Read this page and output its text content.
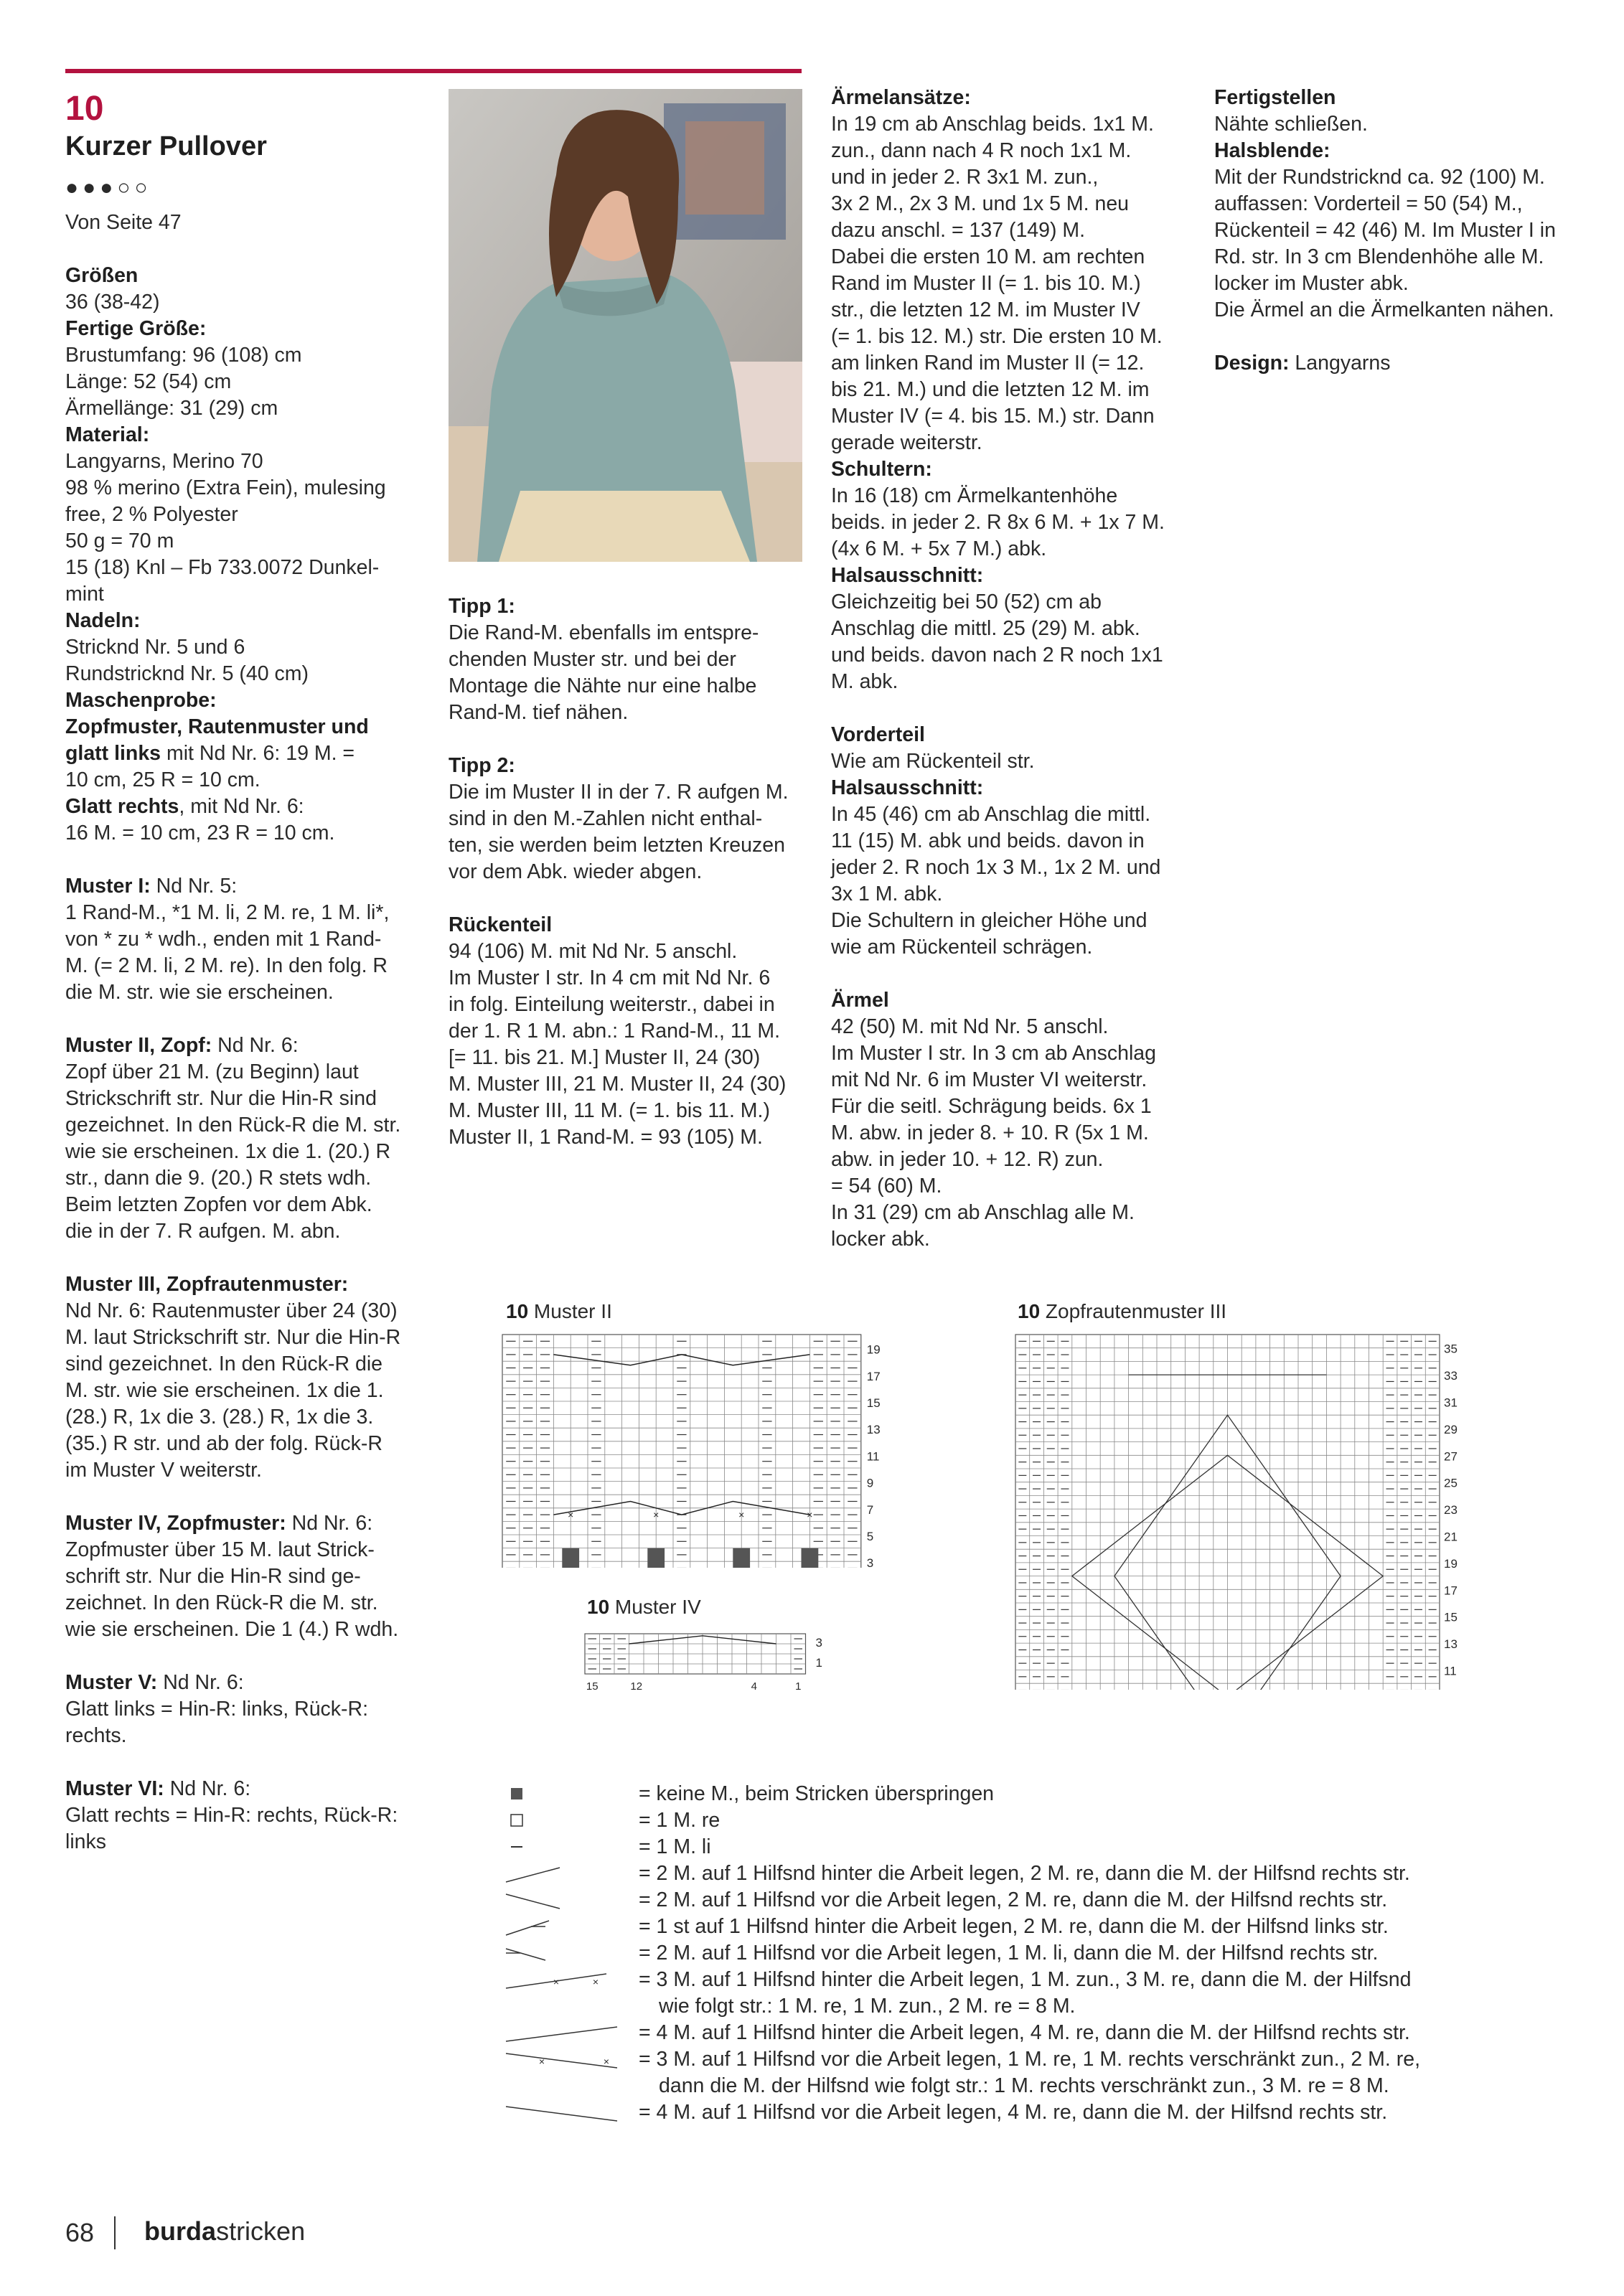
10
Kurzer Pullover
●●●○○

Von Seite 47

Größen

36 (38-42)

Fertige Größe:

Brustumfang: 96 (108) cm

Länge: 52 (54) cm

Ärmellänge: 31 (29) cm

Material:

Langyarns, Merino 70

98 % merino (Extra Fein), mulesing

free, 2 % Polyester

50 g = 70 m

15 (18) Knl – Fb 733.0072 Dunkel-

mint

Nadeln:

Stricknd Nr. 5 und 6

Rundstricknd Nr. 5 (40 cm)

Maschenprobe:

Zopfmuster, Rautenmuster und

glatt links mit Nd Nr. 6: 19 M. =

10 cm, 25 R = 10 cm.

Glatt rechts, mit Nd Nr. 6:

16 M. = 10 cm, 23 R = 10 cm.

Muster I: Nd Nr. 5:

1 Rand-M., *1 M. li, 2 M. re, 1 M. li*,

von * zu * wdh., enden mit 1 Rand-

M. (= 2 M. li, 2 M. re). In den folg. R

die M. str. wie sie erscheinen.

Muster II, Zopf: Nd Nr. 6:

Zopf über 21 M. (zu Beginn) laut

Strickschrift str. Nur die Hin-R sind

gezeichnet. In den Rück-R die M. str.

wie sie erscheinen. 1x die 1. (20.) R

str., dann die 9. (20.) R stets wdh.

Beim letzten Zopfen vor dem Abk.

die in der 7. R aufgen. M. abn.

Muster III, Zopfrautenmuster:

Nd Nr. 6: Rautenmuster über 24 (30)

M. laut Strickschrift str. Nur die Hin-R

sind gezeichnet. In den Rück-R die

M. str. wie sie erscheinen. 1x die 1.

(28.) R, 1x die 3. (28.) R, 1x die 3.

(35.) R str. und ab der folg. Rück-R

im Muster V weiterstr.

Muster IV, Zopfmuster: Nd Nr. 6:

Zopfmuster über 15 M. laut Strick-

schrift str. Nur die Hin-R sind ge-

zeichnet. In den Rück-R die M. str.

wie sie erscheinen. Die 1 (4.) R wdh.

Muster V: Nd Nr. 6:

Glatt links = Hin-R: links, Rück-R:

rechts.

Muster VI: Nd Nr. 6:

Glatt rechts = Hin-R: rechts, Rück-R:

links

Tipp 1:

Die Rand-M. ebenfalls im entspre-

chenden Muster str. und bei der

Montage die Nähte nur eine halbe

Rand-M. tief nähen.

Tipp 2:

Die im Muster II in der 7. R aufgen M.

sind in den M.-Zahlen nicht enthal-

ten, sie werden beim letzten Kreuzen

vor dem Abk. wieder abgen.

Rückenteil

94 (106) M. mit Nd Nr. 5 anschl.

Im Muster I str. In 4 cm mit Nd Nr. 6

in folg. Einteilung weiterstr., dabei in

der 1. R 1 M. abn.: 1 Rand-M., 11 M.

[= 11. bis 21. M.] Muster II, 24 (30)

M. Muster III, 21 M. Muster II, 24 (30)

M. Muster III, 11 M. (= 1. bis 11. M.)

Muster II, 1 Rand-M. = 93 (105) M.

Ärmelansätze:

In 19 cm ab Anschlag beids. 1x1 M.

zun., dann nach 4 R noch 1x1 M.

und in jeder 2. R 3x1 M. zun.,

3x 2 M., 2x 3 M. und 1x 5 M. neu

dazu anschl. = 137 (149) M.

Dabei die ersten 10 M. am rechten

Rand im Muster II (= 1. bis 10. M.)

str., die letzten 12 M. im Muster IV

(= 1. bis 12. M.) str. Die ersten 10 M.

am linken Rand im Muster II (= 12.

bis 21. M.) und die letzten 12 M. im

Muster IV (= 4. bis 15. M.) str. Dann

gerade weiterstr.

Schultern:

In 16 (18) cm Ärmelkantenhöhe

beids. in jeder 2. R 8x 6 M. + 1x 7 M.

(4x 6 M. + 5x 7 M.) abk.

Halsausschnitt:

Gleichzeitig bei 50 (52) cm ab

Anschlag die mittl. 25 (29) M. abk.

und beids. davon nach 2 R noch 1x1

M. abk.

Vorderteil

Wie am Rückenteil str.

Halsausschnitt:

In 45 (46) cm ab Anschlag die mittl.

11 (15) M. abk und beids. davon in

jeder 2. R noch 1x 3 M., 1x 2 M. und

3x 1 M. abk.

Die Schultern in gleicher Höhe und

wie am Rückenteil schrägen.

Ärmel

42 (50) M. mit Nd Nr. 5 anschl.

Im Muster I str. In 3 cm ab Anschlag

mit Nd Nr. 6 im Muster VI weiterstr.

Für die seitl. Schrägung beids. 6x 1

M. abw. in jeder 8. + 10. R (5x 1 M.

abw. in jeder 10. + 12. R) zun.

= 54 (60) M.

In 31 (29) cm ab Anschlag alle M.

locker abk.

Fertigstellen

Nähte schließen.

Halsblende:

Mit der Rundstricknd ca. 92 (100) M.

auffassen: Vorderteil = 50 (54) M.,

Rückenteil = 42 (46) M. Im Muster I in

Rd. str. In 3 cm Blendenhöhe alle M.

locker im Muster abk.

Die Ärmel an die Ärmelkanten nähen.

Design: Langyarns

10 Muster II
10 Muster IV
10 Zopfrautenmuster III
×	×	×	×
19
17
15
13
11
9
7
5
3
3
1
15	12	4	1
35
33
31
29
27
25
23
21
19
17
15
13
11
= keine M., beim Stricken überspringen
= 1 M. re
= 1 M. li
= 2 M. auf 1 Hilfsnd hinter die Arbeit legen, 2 M. re, dann die M. der Hilfsnd rechts str.
= 2 M. auf 1 Hilfsnd vor die Arbeit legen, 2 M. re, dann die M. der Hilfsnd rechts str.
= 1 st auf 1 Hilfsnd hinter die Arbeit legen, 2 M. re, dann die M. der Hilfsnd links str.
= 2 M. auf 1 Hilfsnd vor die Arbeit legen, 1 M. li, dann die M. der Hilfsnd rechts str.
×	× = 3 M. auf 1 Hilfsnd hinter die Arbeit legen, 1 M. zun., 3 M. re, dann die M. der Hilfsnd
wie folgt str.: 1 M. re, 1 M. zun., 2 M. re = 8 M.
= 4 M. auf 1 Hilfsnd hinter die Arbeit legen, 4 M. re, dann die M. der Hilfsnd rechts str.
×	× = 3 M. auf 1 Hilfsnd vor die Arbeit legen, 1 M. re, 1 M. rechts verschränkt zun., 2 M. re,
dann die M. der Hilfsnd wie folgt str.: 1 M. rechts verschränkt zun., 3 M. re = 8 M.
= 4 M. auf 1 Hilfsnd vor die Arbeit legen, 4 M. re, dann die M. der Hilfsnd rechts str.
68 burdastricken
